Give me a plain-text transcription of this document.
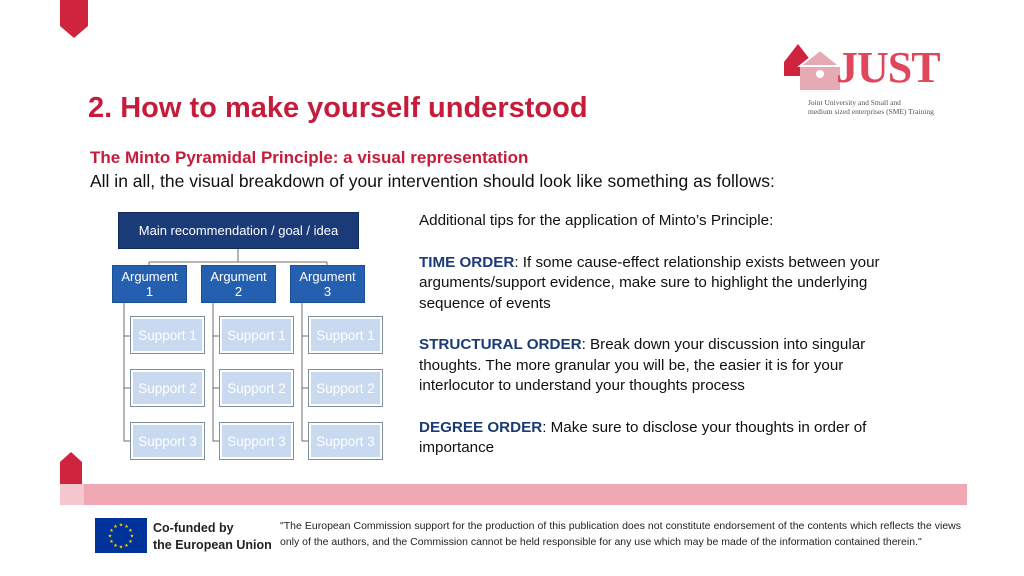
JUST
Joint University and Small and
medium sized enterprises (SME) Training
2. How to make yourself understood
The Minto Pyramidal Principle: a visual representation
All in all, the visual breakdown of your intervention should look like something as follows:
Main recommendation / goal / idea
Argument
1
Argument
2
Argument
3
Support 1
Support 2
Support 3
Support 1
Support 2
Support 3
Support 1
Support 2
Support 3

Additional tips for the application of Minto’s Principle:

TIME ORDER: If some cause-effect relationship exists between your arguments/support evidence, make sure to highlight the underlying sequence of events

STRUCTURAL ORDER: Break down your discussion into singular thoughts. The more granular you will be, the easier it is for your interlocutor to understand your thoughts process

DEGREE ORDER: Make sure to disclose your thoughts in order of importance

★ ★
★
★
★
★
★
★
★
★
★
★	Co-funded by
the European Union
"The European Commission support for the production of this publication does not constitute endorsement of the contents which reflects the views only of the authors, and the Commission cannot be held responsible for any use which may be made of the information contained therein."
